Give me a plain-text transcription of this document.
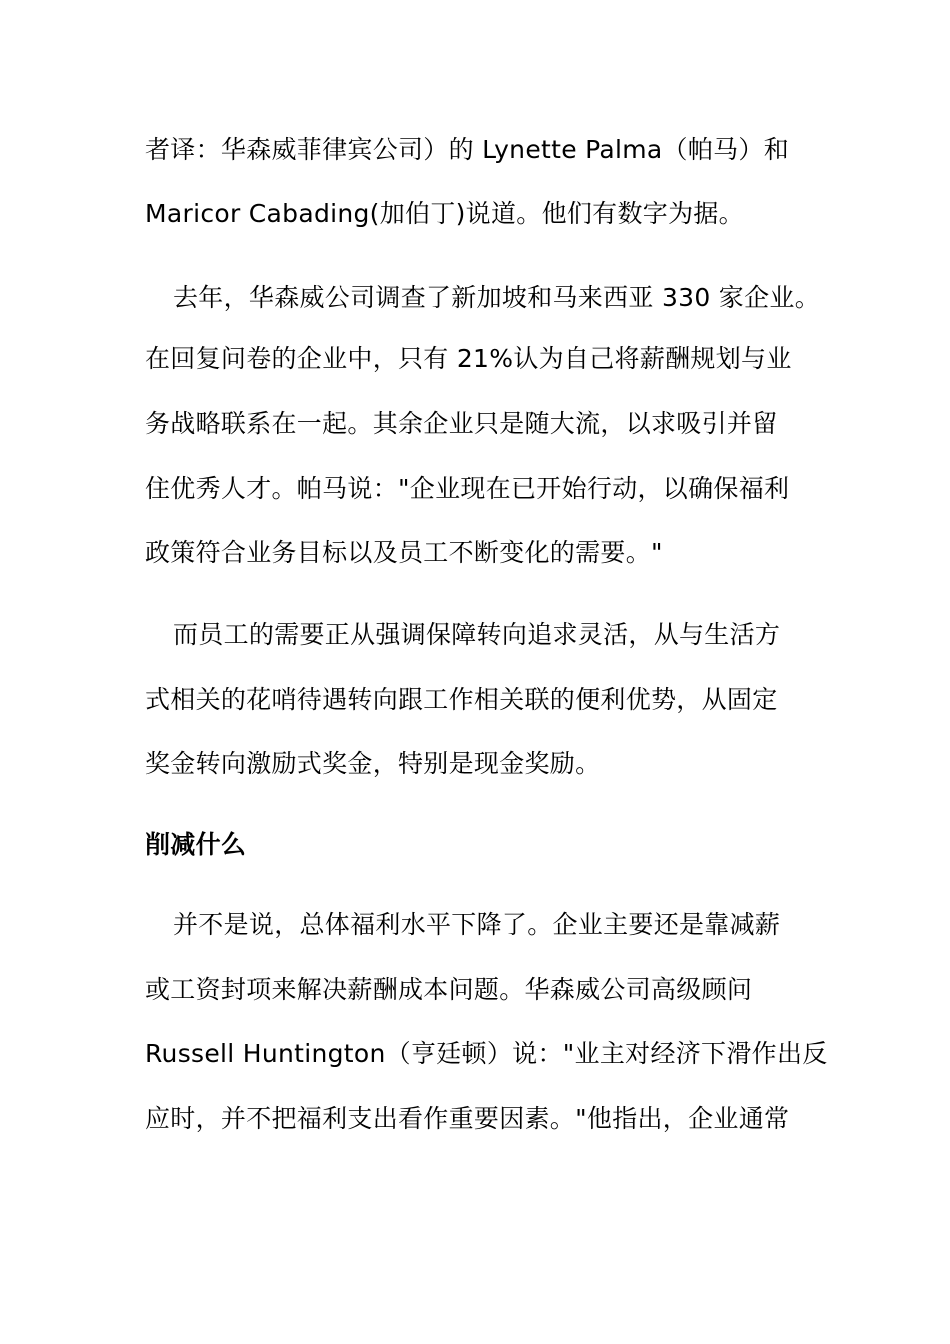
者译：华森威菲律宾公司）的 Lynette Palma（帕马）和
Maricor Cabading(加伯丁)说道。他们有数字为据。
去年，华森威公司调查了新加坡和马来西亚 330 家企业。
在回复问卷的企业中，只有 21%认为自己将薪酬规划与业
务战略联系在一起。其余企业只是随大流，以求吸引并留
住优秀人才。帕马说："企业现在已开始行动，以确保福利
政策符合业务目标以及员工不断变化的需要。"
而员工的需要正从强调保障转向追求灵活，从与生活方
式相关的花哨待遇转向跟工作相关联的便利优势，从固定
奖金转向激励式奖金，特别是现金奖励。
削减什么
并不是说，总体福利水平下降了。企业主要还是靠减薪
或工资封项来解决薪酬成本问题。华森威公司高级顾问
Russell Huntington（亨廷顿）说："业主对经济下滑作出反
应时，并不把福利支出看作重要因素。"他指出，企业通常
